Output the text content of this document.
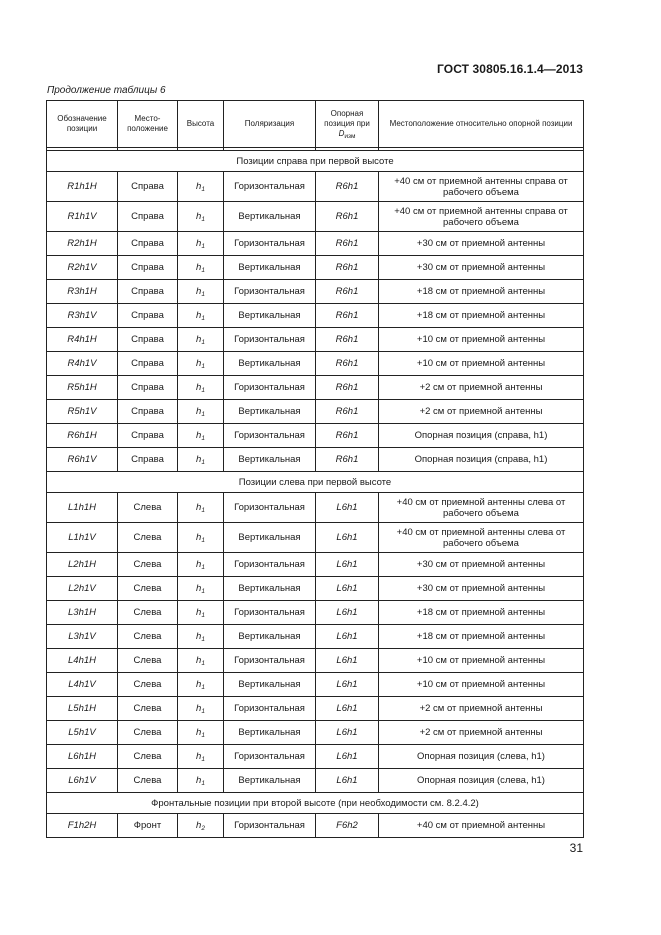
ГОСТ 30805.16.1.4—2013
Продолжение таблицы 6
Обозначение позиции	Место-положение	Высота	Поляризация	Опорная позиция при $D_{изм}$	Местоположение относительно опорной позиции

Позиции справа при первой высоте					
R1h1H	Справа	$h_1$	Горизонтальная	R6h1	+40 см от приемной антенны справа от рабочего объема
R1h1V	Справа	$h_1$	Вертикальная	R6h1	+40 см от приемной антенны справа от рабочего объема
R2h1H	Справа	$h_1$	Горизонтальная	R6h1	+30 см от приемной антенны
R2h1V	Справа	$h_1$	Вертикальная	R6h1	+30 см от приемной антенны
R3h1H	Справа	$h_1$	Горизонтальная	R6h1	+18 см от приемной антенны
R3h1V	Справа	$h_1$	Вертикальная	R6h1	+18 см от приемной антенны
R4h1H	Справа	$h_1$	Горизонтальная	R6h1	+10 см от приемной антенны
R4h1V	Справа	$h_1$	Вертикальная	R6h1	+10 см от приемной антенны
R5h1H	Справа	$h_1$	Горизонтальная	R6h1	+2 см от приемной антенны
R5h1V	Справа	$h_1$	Вертикальная	R6h1	+2 см от приемной антенны
R6h1H	Справа	$h_1$	Горизонтальная	R6h1	Опорная позиция (справа, h1)
R6h1V	Справа	$h_1$	Вертикальная	R6h1	Опорная позиция (справа, h1)
Позиции слева при первой высоте					
L1h1H	Слева	$h_1$	Горизонтальная	L6h1	+40 см от приемной антенны слева от рабочего объема
L1h1V	Слева	$h_1$	Вертикальная	L6h1	+40 см от приемной антенны слева от рабочего объема
L2h1H	Слева	$h_1$	Горизонтальная	L6h1	+30 см от приемной антенны
L2h1V	Слева	$h_1$	Вертикальная	L6h1	+30 см от приемной антенны
L3h1H	Слева	$h_1$	Горизонтальная	L6h1	+18 см от приемной антенны
L3h1V	Слева	$h_1$	Вертикальная	L6h1	+18 см от приемной антенны
L4h1H	Слева	$h_1$	Горизонтальная	L6h1	+10 см от приемной антенны
L4h1V	Слева	$h_1$	Вертикальная	L6h1	+10 см от приемной антенны
L5h1H	Слева	$h_1$	Горизонтальная	L6h1	+2 см от приемной антенны
L5h1V	Слева	$h_1$	Вертикальная	L6h1	+2 см от приемной антенны
L6h1H	Слева	$h_1$	Горизонтальная	L6h1	Опорная позиция (слева, h1)
L6h1V	Слева	$h_1$	Вертикальная	L6h1	Опорная позиция (слева, h1)
Фронтальные позиции при второй высоте (при необходимости см. 8.2.4.2)					
F1h2H	Фронт	$h_2$	Горизонтальная	F6h2	+40 см от приемной антенны
31
